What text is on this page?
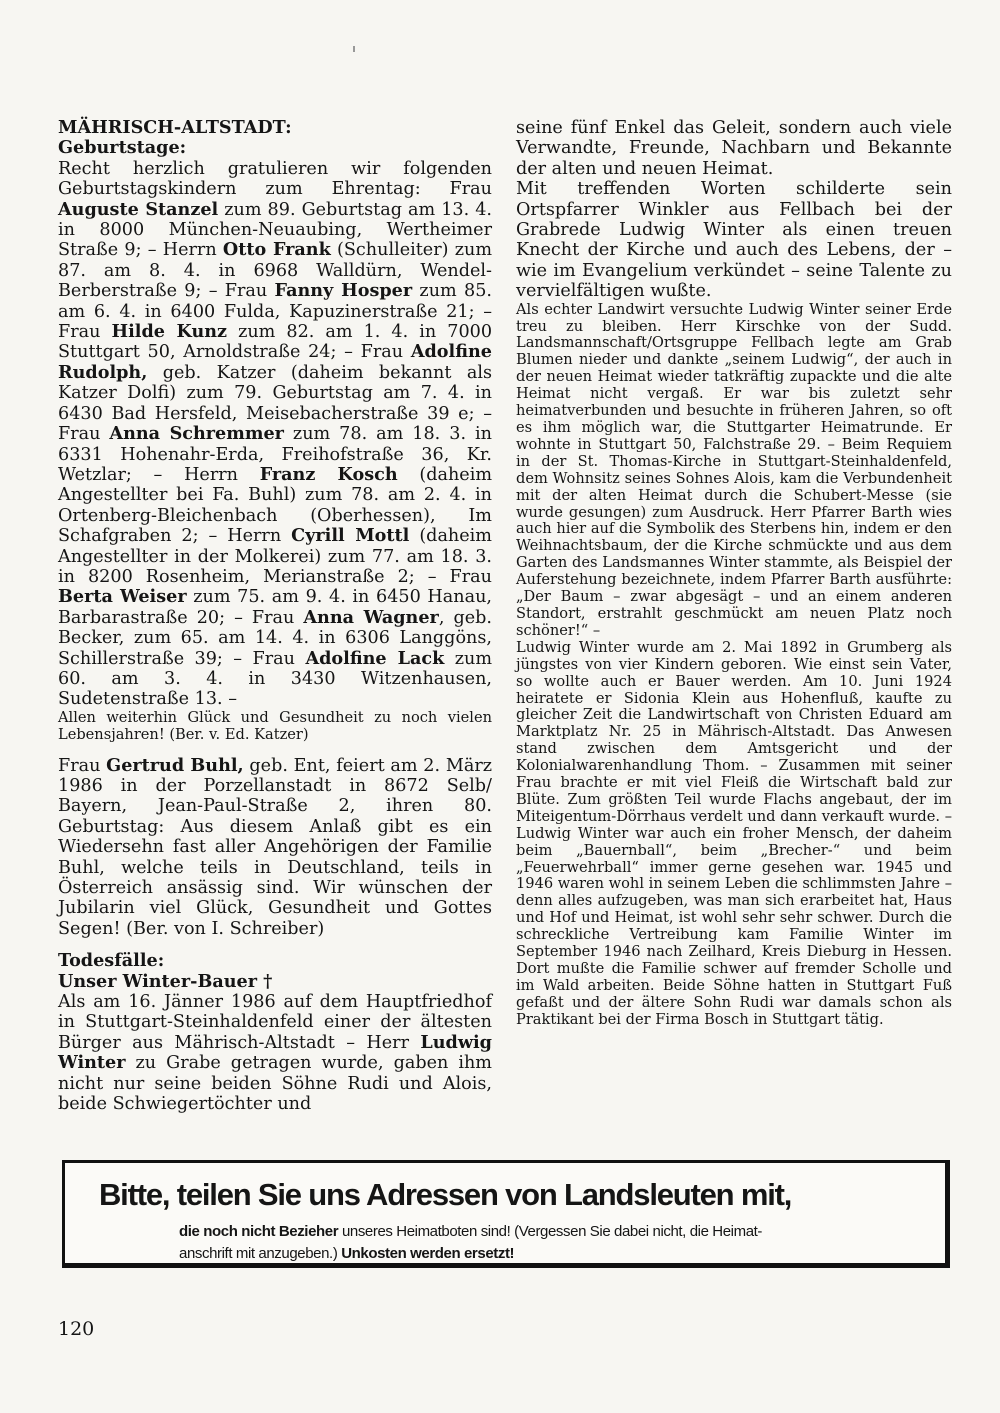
MÄHRISCH-ALTSTADT:
Geburtstage:

Recht herzlich gratulieren wir folgenden Geburtstagskindern zum Ehrentag: Frau Auguste Stanzel zum 89. Geburtstag am 13. 4. in 8000 München-Neuaubing, Wertheimer Straße 9; – Herrn Otto Frank (Schulleiter) zum 87. am 8. 4. in 6968 Walldürn, Wendel-Berberstraße 9; – Frau Fanny Hosper zum 85. am 6. 4. in 6400 Fulda, Kapuzinerstraße 21; – Frau Hilde Kunz zum 82. am 1. 4. in 7000 Stuttgart 50, Arnoldstraße 24; – Frau Adolfine Rudolph, geb. Katzer (daheim bekannt als Katzer Dolfi) zum 79. Geburtstag am 7. 4. in 6430 Bad Hersfeld, Meisebacherstraße 39 e; – Frau Anna Schremmer zum 78. am 18. 3. in 6331 Hohenahr-Erda, Freihofstraße 36, Kr. Wetzlar; – Herrn Franz Kosch (daheim Angestellter bei Fa. Buhl) zum 78. am 2. 4. in Ortenberg-Bleichenbach (Oberhessen), Im Schafgraben 2; – Herrn Cyrill Mottl (daheim Angestellter in der Molkerei) zum 77. am 18. 3. in 8200 Rosenheim, Merianstraße 2; – Frau Berta Weiser zum 75. am 9. 4. in 6450 Hanau, Barbarastraße 20; – Frau Anna Wagner, geb. Becker, zum 65. am 14. 4. in 6306 Langgöns, Schillerstraße 39; – Frau Adolfine Lack zum 60. am 3. 4. in 3430 Witzenhausen, Sudetenstraße 13. –

Allen weiterhin Glück und Gesundheit zu noch vielen Lebensjahren! (Ber. v. Ed. Katzer)

Frau Gertrud Buhl, geb. Ent, feiert am 2. März 1986 in der Porzellanstadt in 8672 Selb/ Bayern, Jean-Paul-Straße 2, ihren 80. Geburtstag: Aus diesem Anlaß gibt es ein Wiedersehn fast aller Angehörigen der Familie Buhl, welche teils in Deutschland, teils in Österreich ansässig sind. Wir wünschen der Jubilarin viel Glück, Gesundheit und Gottes Segen! (Ber. von I. Schreiber)

Todesfälle:
Unser Winter-Bauer †

Als am 16. Jänner 1986 auf dem Hauptfriedhof in Stuttgart-Steinhaldenfeld einer der ältesten Bürger aus Mährisch-Altstadt – Herr Ludwig Winter zu Grabe getragen wurde, gaben ihm nicht nur seine beiden Söhne Rudi und Alois, beide Schwiegertöchter und

seine fünf Enkel das Geleit, sondern auch viele Verwandte, Freunde, Nachbarn und Bekannte der alten und neuen Heimat.

Mit treffenden Worten schilderte sein Ortspfarrer Winkler aus Fellbach bei der Grabrede Ludwig Winter als einen treuen Knecht der Kirche und auch des Lebens, der – wie im Evangelium verkündet – seine Talente zu vervielfältigen wußte.

Als echter Landwirt versuchte Ludwig Winter seiner Erde treu zu bleiben. Herr Kirschke von der Sudd. Landsmannschaft/Ortsgruppe Fellbach legte am Grab Blumen nieder und dankte „seinem Ludwig“, der auch in der neuen Heimat wieder tatkräftig zupackte und die alte Heimat nicht vergaß. Er war bis zuletzt sehr heimatverbunden und besuchte in früheren Jahren, so oft es ihm möglich war, die Stuttgarter Heimatrunde. Er wohnte in Stuttgart 50, Falchstraße 29. – Beim Requiem in der St. Thomas-Kirche in Stuttgart-Steinhaldenfeld, dem Wohnsitz seines Sohnes Alois, kam die Verbundenheit mit der alten Heimat durch die Schubert-Messe (sie wurde gesungen) zum Ausdruck. Herr Pfarrer Barth wies auch hier auf die Symbolik des Sterbens hin, indem er den Weihnachtsbaum, der die Kirche schmückte und aus dem Garten des Landsmannes Winter stammte, als Beispiel der Auferstehung bezeichnete, indem Pfarrer Barth ausführte: „Der Baum – zwar abgesägt – und an einem anderen Standort, erstrahlt geschmückt am neuen Platz noch schöner!“ –

Ludwig Winter wurde am 2. Mai 1892 in Grumberg als jüngstes von vier Kindern geboren. Wie einst sein Vater, so wollte auch er Bauer werden. Am 10. Juni 1924 heiratete er Sidonia Klein aus Hohenfluß, kaufte zu gleicher Zeit die Landwirtschaft von Christen Eduard am Marktplatz Nr. 25 in Mährisch-Altstadt. Das Anwesen stand zwischen dem Amtsgericht und der Kolonialwarenhandlung Thom. – Zusammen mit seiner Frau brachte er mit viel Fleiß die Wirtschaft bald zur Blüte. Zum größten Teil wurde Flachs angebaut, der im Miteigentum-Dörrhaus verdelt und dann verkauft wurde. – Ludwig Winter war auch ein froher Mensch, der daheim beim „Bauernball“, beim „Brecher-“ und beim „Feuerwehrball“ immer gerne gesehen war. 1945 und 1946 waren wohl in seinem Leben die schlimmsten Jahre – denn alles aufzugeben, was man sich erarbeitet hat, Haus und Hof und Heimat, ist wohl sehr sehr schwer. Durch die schreckliche Vertreibung kam Familie Winter im September 1946 nach Zeilhard, Kreis Dieburg in Hessen. Dort mußte die Familie schwer auf fremder Scholle und im Wald arbeiten. Beide Söhne hatten in Stuttgart Fuß gefaßt und der ältere Sohn Rudi war damals schon als Praktikant bei der Firma Bosch in Stuttgart tätig.

Bitte, teilen Sie uns Adressen von Landsleuten mit,
die noch nicht Bezieher unseres Heimatboten sind! (Vergessen Sie dabei nicht, die Heimat-
anschrift mit anzugeben.) Unkosten werden ersetzt!
120
